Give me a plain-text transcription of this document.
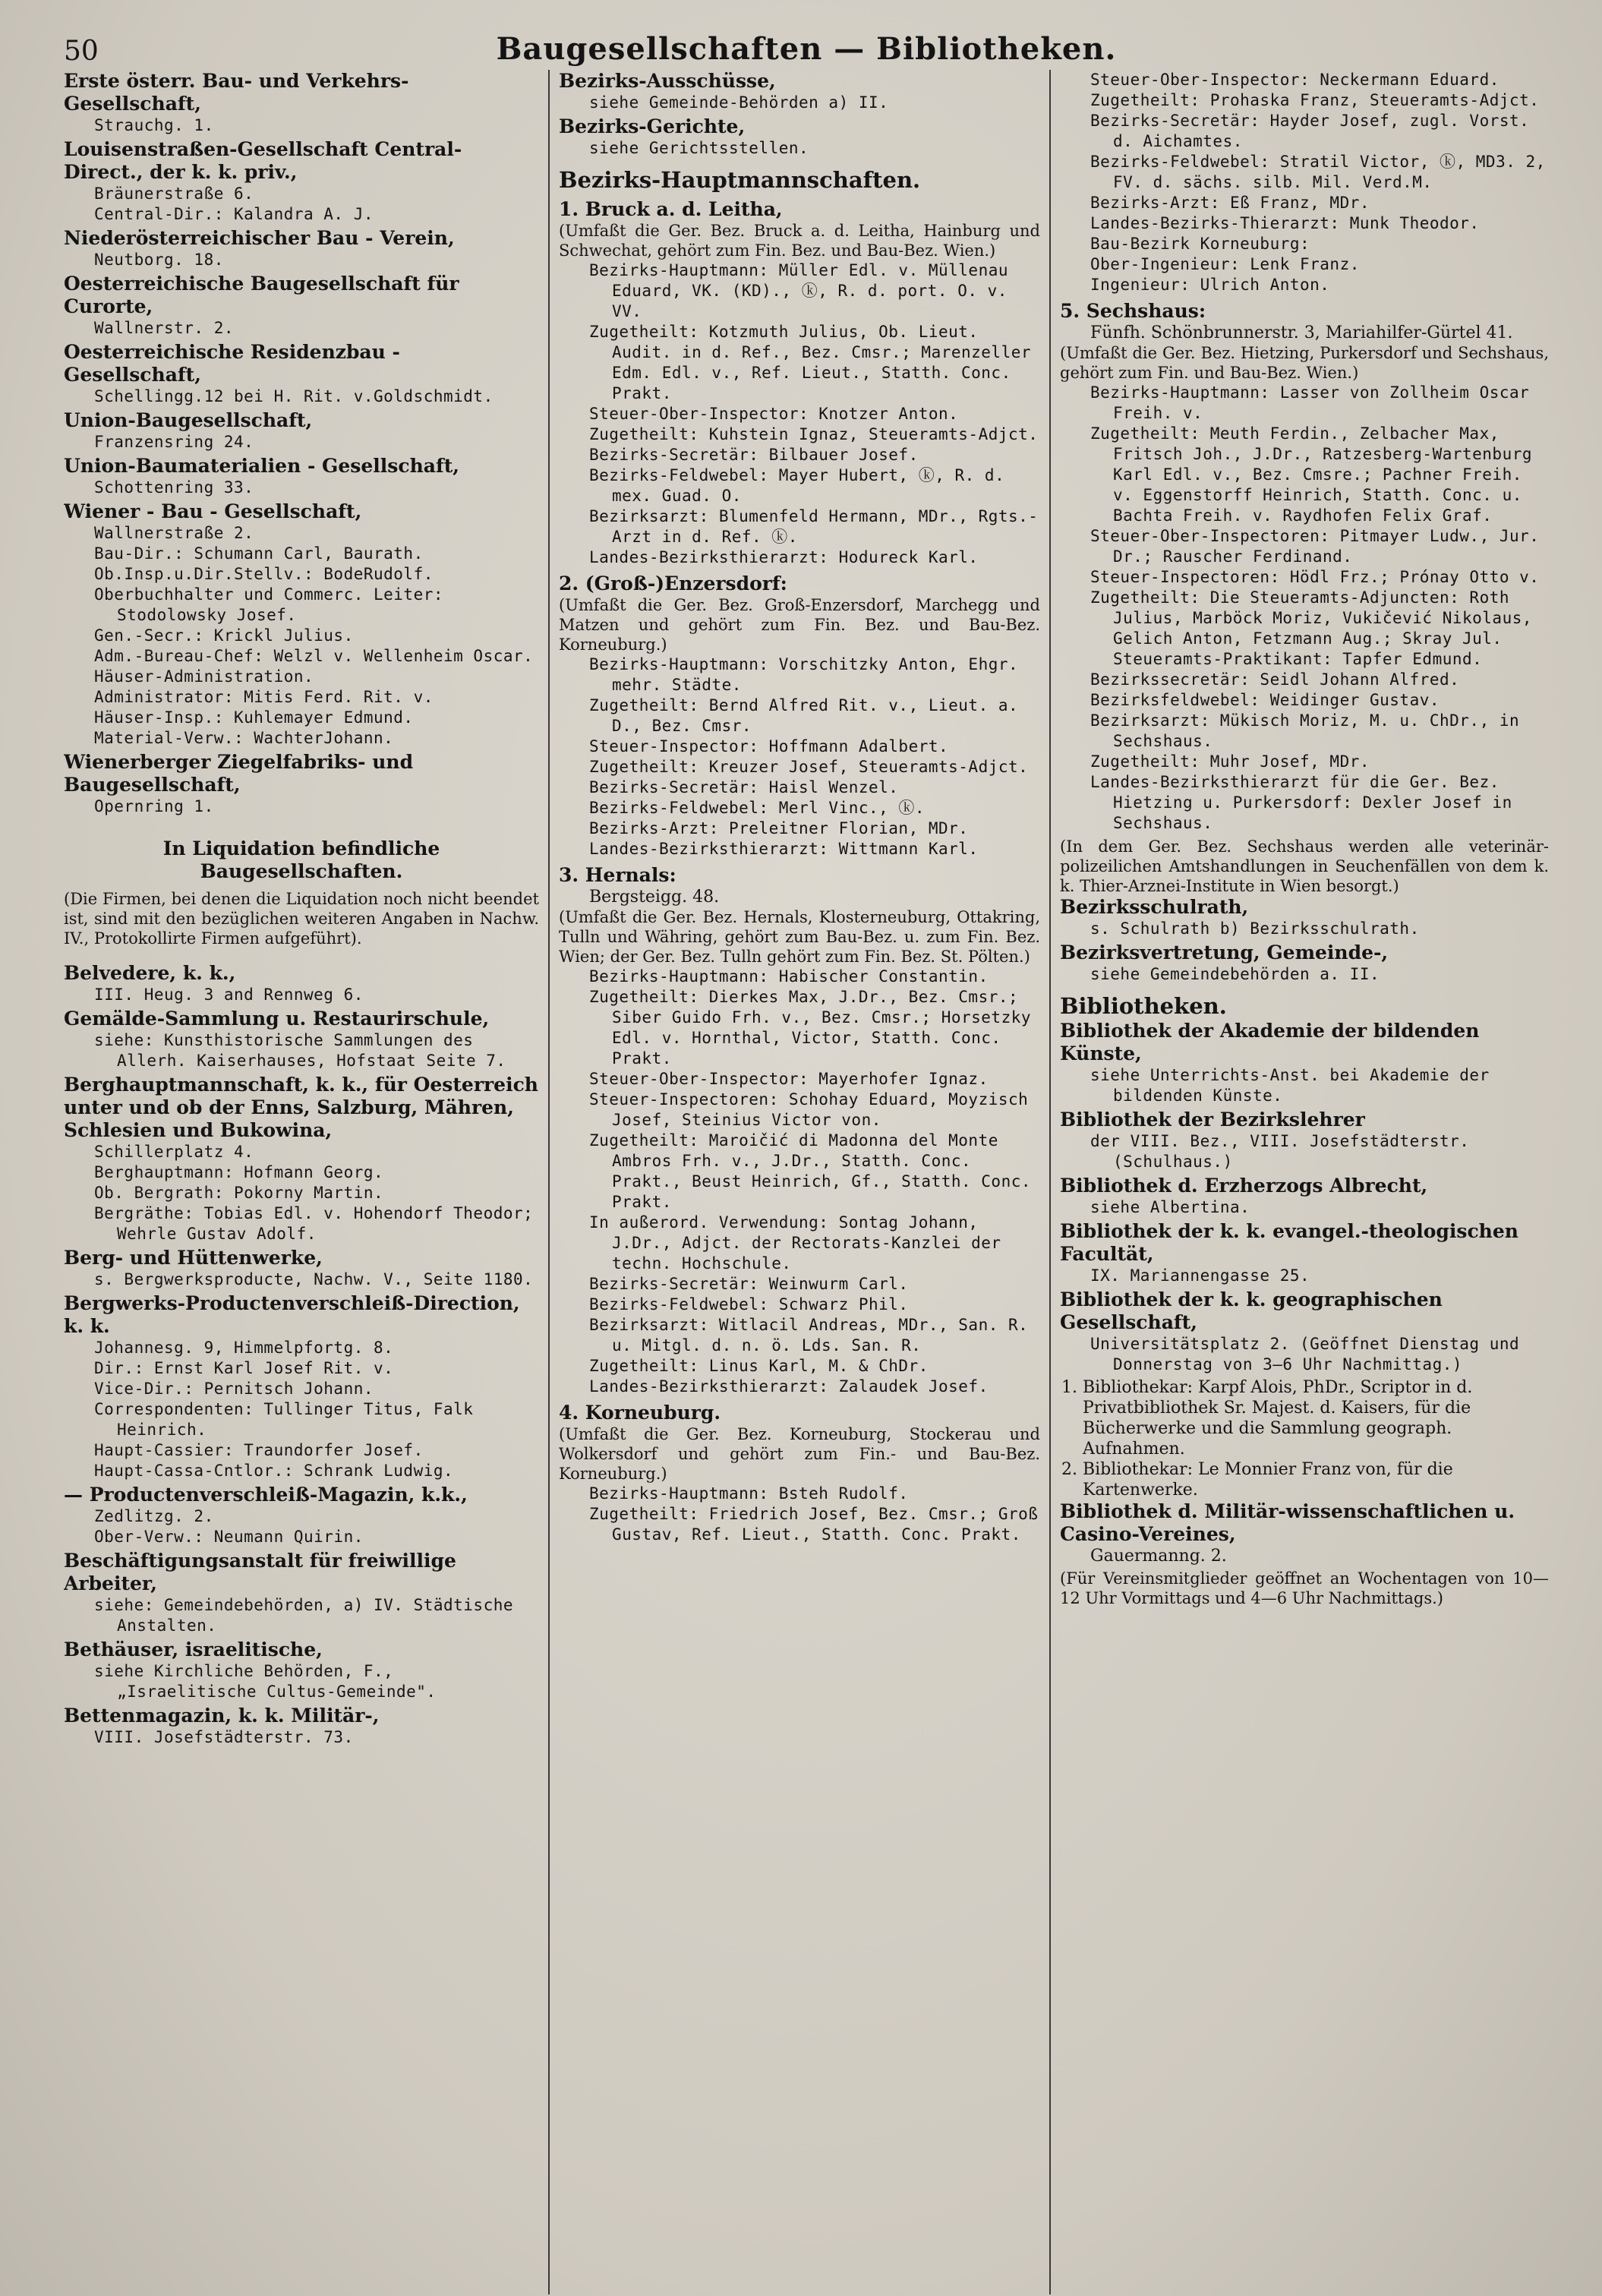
50	Baugesellschaften — Bibliotheken.
Erste österr. Bau- und Verkehrs-Gesellschaft,
Strauchg. 1.
Louisenstraßen-Gesellschaft Central-Direct., der k. k. priv.,
Bräunerstraße 6.
Central-Dir.: Kalandra A. J.
Niederösterreichischer Bau - Verein,
Neutborg. 18.
Oesterreichische Baugesellschaft für Curorte,
Wallnerstr. 2.
Oesterreichische Residenzbau - Gesellschaft,
Schellingg.12 bei H. Rit. v.Goldschmidt.
Union-Baugesellschaft,
Franzensring 24.
Union-Baumaterialien - Gesellschaft,
Schottenring 33.
Wiener - Bau - Gesellschaft,
Wallnerstraße 2.
Bau-Dir.: Schumann Carl, Baurath.
Ob.Insp.u.Dir.Stellv.: BodeRudolf.
Oberbuchhalter und Commerc. Leiter: Stodolowsky Josef.
Gen.-Secr.: Krickl Julius.
Adm.-Bureau-Chef: Welzl v. Wellenheim Oscar.
Häuser-Administration.
Administrator: Mitis Ferd. Rit. v.
Häuser-Insp.: Kuhlemayer Edmund.
Material-Verw.: WachterJohann.
Wienerberger Ziegelfabriks- und Baugesellschaft,
Opernring 1.
In Liquidation befindliche Baugesellschaften.
(Die Firmen, bei denen die Liquidation noch nicht beendet ist, sind mit den bezüglichen weiteren Angaben in Nachw. IV., Protokollirte Firmen aufgeführt).
Belvedere, k. k.,
III. Heug. 3 and Rennweg 6.
Gemälde-Sammlung u. Restaurirschule,
siehe: Kunsthistorische Sammlungen des Allerh. Kaiserhauses, Hofstaat Seite 7.
Berghauptmannschaft, k. k., für Oesterreich unter und ob der Enns, Salzburg, Mähren, Schlesien und Bukowina,
Schillerplatz 4.
Berghauptmann: Hofmann Georg.
Ob. Bergrath: Pokorny Martin.
Bergräthe: Tobias Edl. v. Hohendorf Theodor; Wehrle Gustav Adolf.
Berg- und Hüttenwerke,
s. Bergwerksproducte, Nachw. V., Seite 1180.
Bergwerks-Productenverschleiß-Direction, k. k.
Johannesg. 9, Himmelpfortg. 8.
Dir.: Ernst Karl Josef Rit. v.
Vice-Dir.: Pernitsch Johann.
Correspondenten: Tullinger Titus, Falk Heinrich.
Haupt-Cassier: Traundorfer Josef.
Haupt-Cassa-Cntlor.: Schrank Ludwig.
— Productenverschleiß-Magazin, k.k.,
Zedlitzg. 2.
Ober-Verw.: Neumann Quirin.
Beschäftigungsanstalt für freiwillige Arbeiter,
siehe: Gemeindebehörden, a) IV. Städtische Anstalten.
Bethäuser, israelitische,
siehe Kirchliche Behörden, F., „Israelitische Cultus-Gemeinde".
Bettenmagazin, k. k. Militär-,
VIII. Josefstädterstr. 73.
Bezirks-Ausschüsse,
siehe Gemeinde-Behörden a) II.
Bezirks-Gerichte,
siehe Gerichtsstellen.
Bezirks-Hauptmannschaften.
1. Bruck a. d. Leitha,
(Umfaßt die Ger. Bez. Bruck a. d. Leitha, Hainburg und Schwechat, gehört zum Fin. Bez. und Bau-Bez. Wien.)
Bezirks-Hauptmann: Müller Edl. v. Müllenau Eduard, VK. (KD)., ⓚ, R. d. port. O. v. VV.
Zugetheilt: Kotzmuth Julius, Ob. Lieut. Audit. in d. Ref., Bez. Cmsr.; Marenzeller Edm. Edl. v., Ref. Lieut., Statth. Conc. Prakt.
Steuer-Ober-Inspector: Knotzer Anton.
Zugetheilt: Kuhstein Ignaz, Steueramts-Adjct.
Bezirks-Secretär: Bilbauer Josef.
Bezirks-Feldwebel: Mayer Hubert, ⓚ, R. d. mex. Guad. O.
Bezirksarzt: Blumenfeld Hermann, MDr., Rgts.-Arzt in d. Ref. ⓚ.
Landes-Bezirksthierarzt: Hodureck Karl.
2. (Groß-)Enzersdorf:
(Umfaßt die Ger. Bez. Groß-Enzersdorf, Marchegg und Matzen und gehört zum Fin. Bez. und Bau-Bez. Korneuburg.)
Bezirks-Hauptmann: Vorschitzky Anton, Ehgr. mehr. Städte.
Zugetheilt: Bernd Alfred Rit. v., Lieut. a. D., Bez. Cmsr.
Steuer-Inspector: Hoffmann Adalbert.
Zugetheilt: Kreuzer Josef, Steueramts-Adjct.
Bezirks-Secretär: Haisl Wenzel.
Bezirks-Feldwebel: Merl Vinc., ⓚ.
Bezirks-Arzt: Preleitner Florian, MDr.
Landes-Bezirksthierarzt: Wittmann Karl.
3. Hernals:
Bergsteigg. 48.
(Umfaßt die Ger. Bez. Hernals, Klosterneuburg, Ottakring, Tulln und Währing, gehört zum Bau-Bez. u. zum Fin. Bez. Wien; der Ger. Bez. Tulln gehört zum Fin. Bez. St. Pölten.)
Bezirks-Hauptmann: Habischer Constantin.
Zugetheilt: Dierkes Max, J.Dr., Bez. Cmsr.; Siber Guido Frh. v., Bez. Cmsr.; Horsetzky Edl. v. Hornthal, Victor, Statth. Conc. Prakt.
Steuer-Ober-Inspector: Mayerhofer Ignaz.
Steuer-Inspectoren: Schohay Eduard, Moyzisch Josef, Steinius Victor von.
Zugetheilt: Maroičić di Madonna del Monte Ambros Frh. v., J.Dr., Statth. Conc. Prakt., Beust Heinrich, Gf., Statth. Conc. Prakt.
In außerord. Verwendung: Sontag Johann, J.Dr., Adjct. der Rectorats-Kanzlei der techn. Hochschule.
Bezirks-Secretär: Weinwurm Carl.
Bezirks-Feldwebel: Schwarz Phil.
Bezirksarzt: Witlacil Andreas, MDr., San. R. u. Mitgl. d. n. ö. Lds. San. R.
Zugetheilt: Linus Karl, M. & ChDr.
Landes-Bezirksthierarzt: Zalaudek Josef.
4. Korneuburg.
(Umfaßt die Ger. Bez. Korneuburg, Stockerau und Wolkersdorf und gehört zum Fin.- und Bau-Bez. Korneuburg.)
Bezirks-Hauptmann: Bsteh Rudolf.
Zugetheilt: Friedrich Josef, Bez. Cmsr.; Groß Gustav, Ref. Lieut., Statth. Conc. Prakt.
Steuer-Ober-Inspector: Neckermann Eduard.
Zugetheilt: Prohaska Franz, Steueramts-Adjct.
Bezirks-Secretär: Hayder Josef, zugl. Vorst. d. Aichamtes.
Bezirks-Feldwebel: Stratil Victor, ⓚ, MD3. 2, FV. d. sächs. silb. Mil. Verd.M.
Bezirks-Arzt: Eß Franz, MDr.
Landes-Bezirks-Thierarzt: Munk Theodor.
Bau-Bezirk Korneuburg:
Ober-Ingenieur: Lenk Franz.
Ingenieur: Ulrich Anton.
5. Sechshaus:
Fünfh. Schönbrunnerstr. 3, Mariahilfer-Gürtel 41.
(Umfaßt die Ger. Bez. Hietzing, Purkersdorf und Sechshaus, gehört zum Fin. und Bau-Bez. Wien.)
Bezirks-Hauptmann: Lasser von Zollheim Oscar Freih. v.
Zugetheilt: Meuth Ferdin., Zelbacher Max, Fritsch Joh., J.Dr., Ratzesberg-Wartenburg Karl Edl. v., Bez. Cmsre.; Pachner Freih. v. Eggenstorff Heinrich, Statth. Conc. u. Bachta Freih. v. Raydhofen Felix Graf.
Steuer-Ober-Inspectoren: Pitmayer Ludw., Jur. Dr.; Rauscher Ferdinand.
Steuer-Inspectoren: Hödl Frz.; Prónay Otto v.
Zugetheilt: Die Steueramts-Adjuncten: Roth Julius, Marböck Moriz, Vukičević Nikolaus, Gelich Anton, Fetzmann Aug.; Skray Jul. Steueramts-Praktikant: Tapfer Edmund.
Bezirkssecretär: Seidl Johann Alfred.
Bezirksfeldwebel: Weidinger Gustav.
Bezirksarzt: Mükisch Moriz, M. u. ChDr., in Sechshaus.
Zugetheilt: Muhr Josef, MDr.
Landes-Bezirksthierarzt für die Ger. Bez. Hietzing u. Purkersdorf: Dexler Josef in Sechshaus.
(In dem Ger. Bez. Sechshaus werden alle veterinär-polizeilichen Amtshandlungen in Seuchenfällen von dem k. k. Thier-Arznei-Institute in Wien besorgt.)
Bezirksschulrath,
s. Schulrath b) Bezirksschulrath.
Bezirksvertretung, Gemeinde-,
siehe Gemeindebehörden a. II.
Bibliotheken.
Bibliothek der Akademie der bildenden Künste,
siehe Unterrichts-Anst. bei Akademie der bildenden Künste.
Bibliothek der Bezirkslehrer
der VIII. Bez., VIII. Josefstädterstr. (Schulhaus.)
Bibliothek d. Erzherzogs Albrecht,
siehe Albertina.
Bibliothek der k. k. evangel.-theologischen Facultät,
IX. Mariannengasse 25.
Bibliothek der k. k. geographischen Gesellschaft,
Universitätsplatz 2. (Geöffnet Dienstag und Donnerstag von 3—6 Uhr Nachmittag.)
1. Bibliothekar: Karpf Alois, PhDr., Scriptor in d. Privatbibliothek Sr. Majest. d. Kaisers, für die Bücherwerke und die Sammlung geograph. Aufnahmen.
2. Bibliothekar: Le Monnier Franz von, für die Kartenwerke.
Bibliothek d. Militär-wissenschaftlichen u. Casino-Vereines,
Gauermanng. 2.
(Für Vereinsmitglieder geöffnet an Wochentagen von 10—12 Uhr Vormittags und 4—6 Uhr Nachmittags.)
